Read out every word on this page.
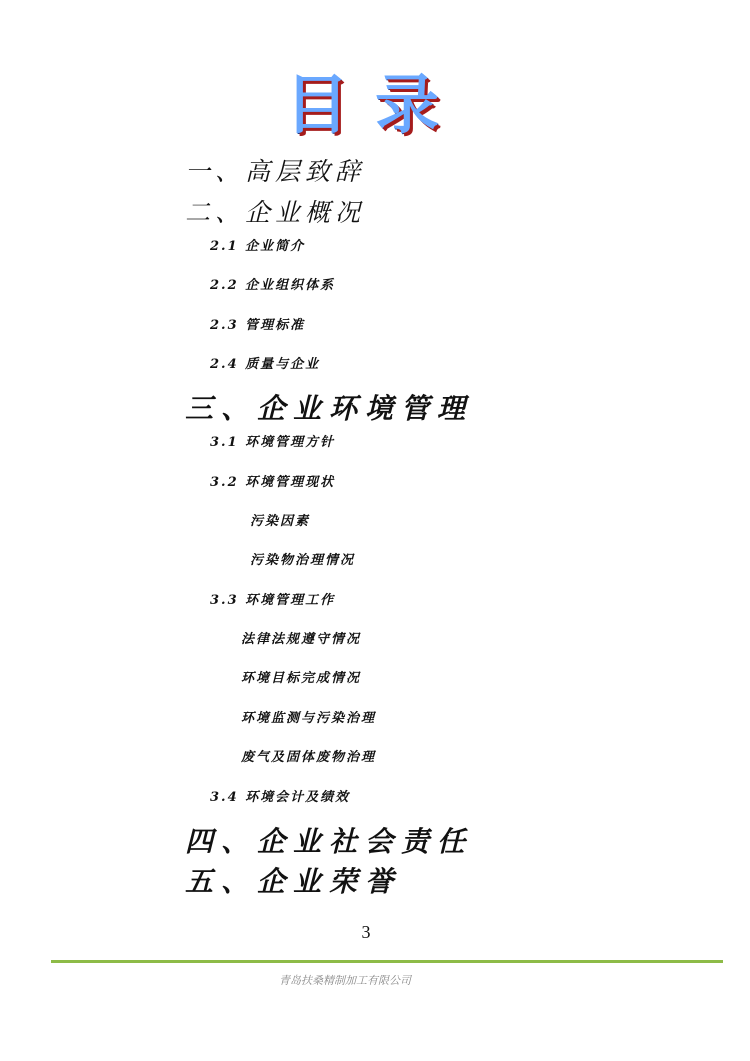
目录
一、高层致辞
二、企业概况
2.1 企业简介
2.2 企业组织体系
2.3 管理标准
2.4 质量与企业
三、企业环境管理
3.1 环境管理方针
3.2 环境管理现状
污染因素
污染物治理情况
3.3 环境管理工作
法律法规遵守情况
环境目标完成情况
环境监测与污染治理
废气及固体废物治理
3.4 环境会计及绩效
四、企业社会责任
五、企业荣誉
3
青岛扶桑精制加工有限公司
